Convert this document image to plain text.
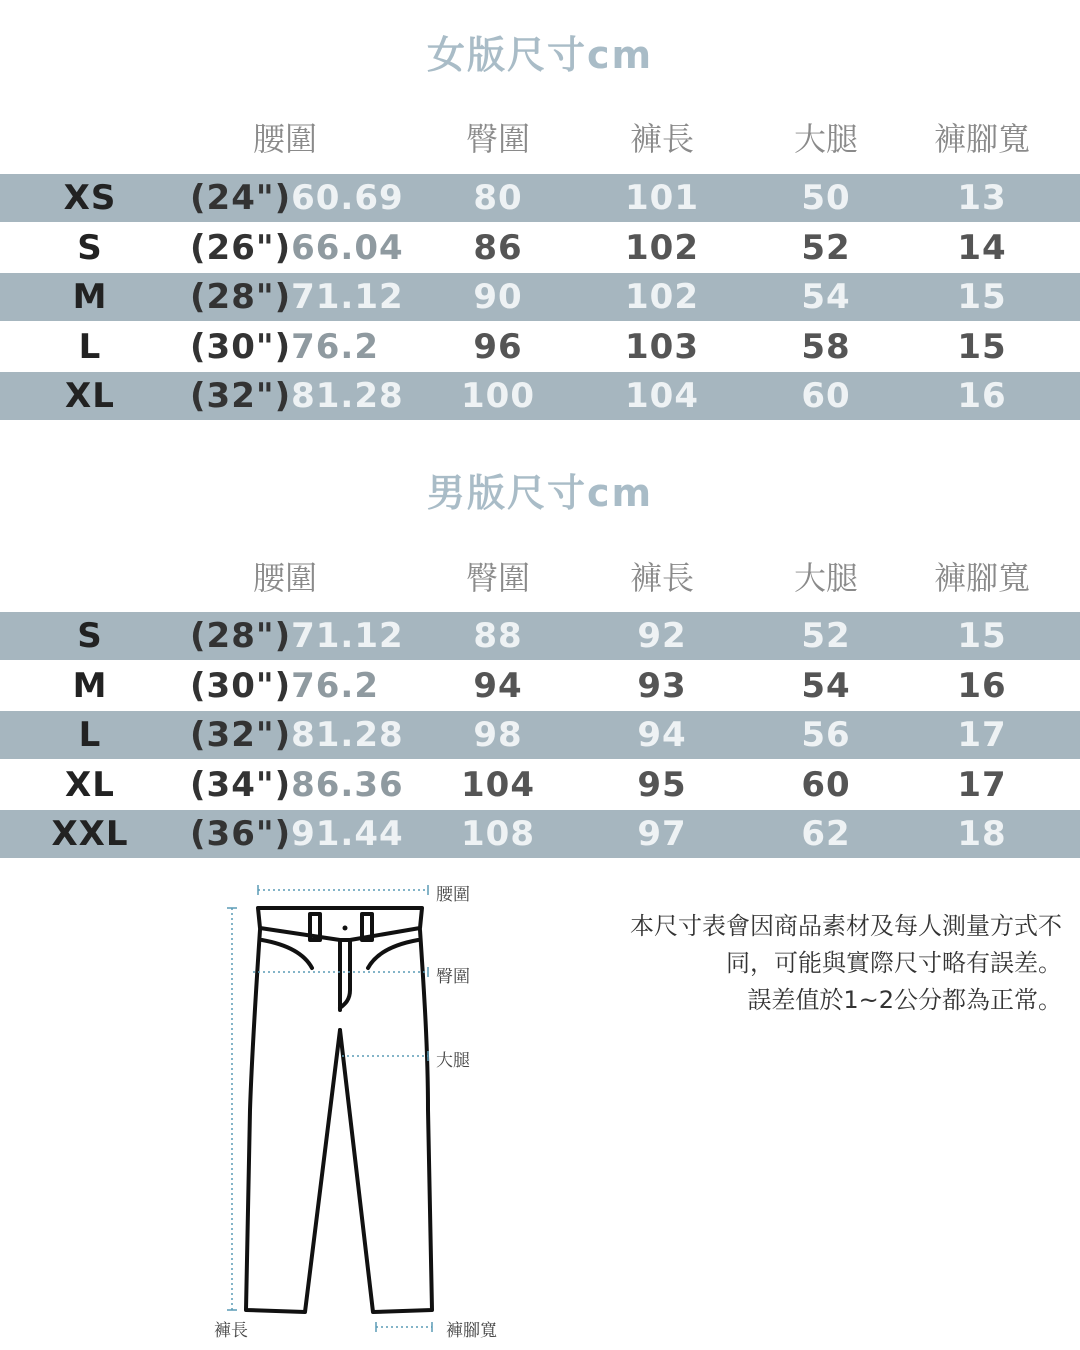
女版尺寸cm
腰圍	臀圍	褲長	大腿 褲腳寬
XS (24")60.69 80	101	50	13
S	(26")66.04 86	102	52	14
M (28")71.12 90	102	54	15
L	(30")76.2	96	103	58	15
XL (32")81.28 100	104	60	16
男版尺寸cm
腰圍	臀圍	褲長	大腿 褲腳寬
S	(28")71.12 88	92	52	15
M (30")76.2	94	93	54	16
L	(32")81.28 98	94	56	17
XL (34")86.36 104	95	60	17
XXL (36")91.44 108	97	62	18
腰圍
臀圍
大腿
褲長	褲腳寬
本尺寸表會因商品素材及每人測量方式不
同，可能與實際尺寸略有誤差。
誤差值於1~2公分都為正常。
